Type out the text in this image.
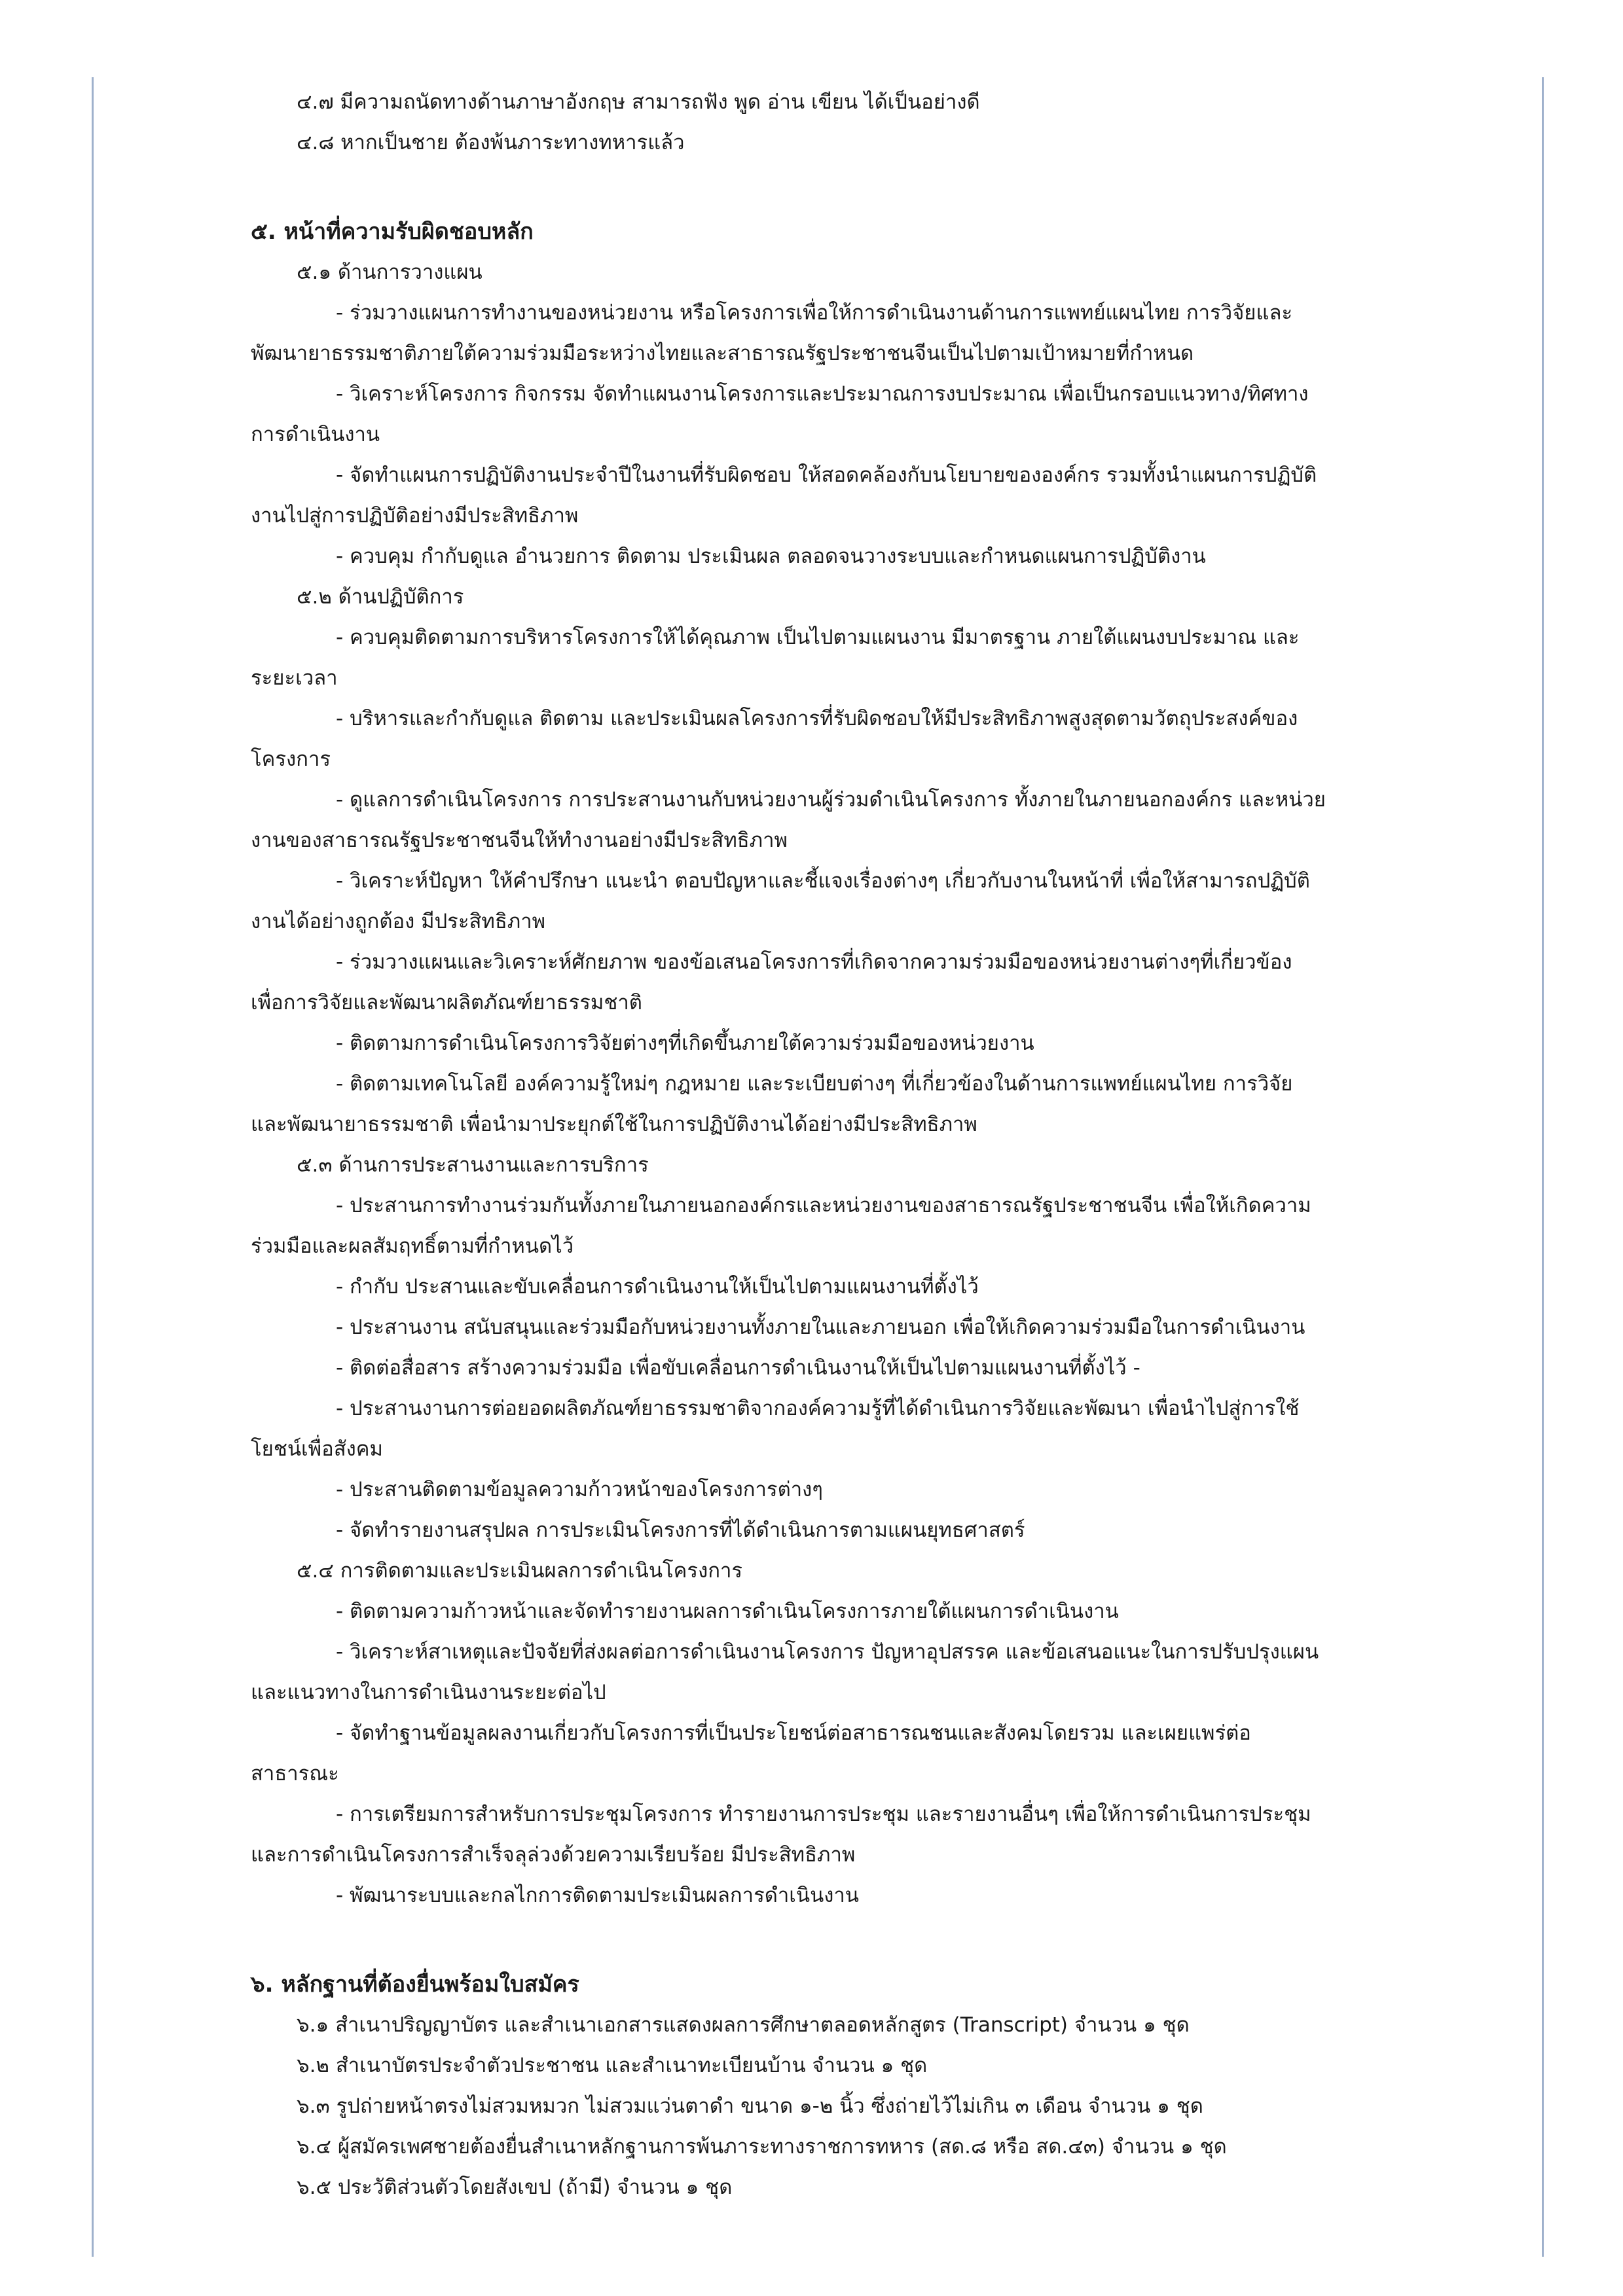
๔.๗ มีความถนัดทางด้านภาษาอังกฤษ สามารถฟัง พูด อ่าน เขียน ได้เป็นอย่างดี
๔.๘ หากเป็นชาย ต้องพ้นภาระทางทหารแล้ว
๕. หน้าที่ความรับผิดชอบหลัก
๕.๑ ด้านการวางแผน
- ร่วมวางแผนการทำงานของหน่วยงาน หรือโครงการเพื่อให้การดำเนินงานด้านการแพทย์แผนไทย การวิจัยและ
พัฒนายาธรรมชาติภายใต้ความร่วมมือระหว่างไทยและสาธารณรัฐประชาชนจีนเป็นไปตามเป้าหมายที่กำหนด
- วิเคราะห์โครงการ กิจกรรม จัดทำแผนงานโครงการและประมาณการงบประมาณ เพื่อเป็นกรอบแนวทาง/ทิศทาง
การดำเนินงาน
- จัดทำแผนการปฏิบัติงานประจำปีในงานที่รับผิดชอบ ให้สอดคล้องกับนโยบายขององค์กร รวมทั้งนำแผนการปฏิบัติ
งานไปสู่การปฏิบัติอย่างมีประสิทธิภาพ
- ควบคุม กำกับดูแล อำนวยการ ติดตาม ประเมินผล ตลอดจนวางระบบและกำหนดแผนการปฏิบัติงาน
๕.๒ ด้านปฏิบัติการ
- ควบคุมติดตามการบริหารโครงการให้ได้คุณภาพ เป็นไปตามแผนงาน มีมาตรฐาน ภายใต้แผนงบประมาณ และ
ระยะเวลา
- บริหารและกำกับดูแล ติดตาม และประเมินผลโครงการที่รับผิดชอบให้มีประสิทธิภาพสูงสุดตามวัตถุประสงค์ของ
โครงการ
- ดูแลการดำเนินโครงการ การประสานงานกับหน่วยงานผู้ร่วมดำเนินโครงการ ทั้งภายในภายนอกองค์กร และหน่วย
งานของสาธารณรัฐประชาชนจีนให้ทำงานอย่างมีประสิทธิภาพ
- วิเคราะห์ปัญหา ให้คำปรึกษา แนะนำ ตอบปัญหาและชี้แจงเรื่องต่างๆ เกี่ยวกับงานในหน้าที่ เพื่อให้สามารถปฏิบัติ
งานได้อย่างถูกต้อง มีประสิทธิภาพ
- ร่วมวางแผนและวิเคราะห์ศักยภาพ ของข้อเสนอโครงการที่เกิดจากความร่วมมือของหน่วยงานต่างๆที่เกี่ยวข้อง
เพื่อการวิจัยและพัฒนาผลิตภัณฑ์ยาธรรมชาติ
- ติดตามการดำเนินโครงการวิจัยต่างๆที่เกิดขึ้นภายใต้ความร่วมมือของหน่วยงาน
- ติดตามเทคโนโลยี องค์ความรู้ใหม่ๆ กฎหมาย และระเบียบต่างๆ ที่เกี่ยวข้องในด้านการแพทย์แผนไทย การวิจัย
และพัฒนายาธรรมชาติ เพื่อนำมาประยุกต์ใช้ในการปฏิบัติงานได้อย่างมีประสิทธิภาพ
๕.๓ ด้านการประสานงานและการบริการ
- ประสานการทำงานร่วมกันทั้งภายในภายนอกองค์กรและหน่วยงานของสาธารณรัฐประชาชนจีน เพื่อให้เกิดความ
ร่วมมือและผลสัมฤทธิ์ตามที่กำหนดไว้
- กำกับ ประสานและขับเคลื่อนการดำเนินงานให้เป็นไปตามแผนงานที่ตั้งไว้
- ประสานงาน สนับสนุนและร่วมมือกับหน่วยงานทั้งภายในและภายนอก เพื่อให้เกิดความร่วมมือในการดำเนินงาน
- ติดต่อสื่อสาร สร้างความร่วมมือ เพื่อขับเคลื่อนการดำเนินงานให้เป็นไปตามแผนงานที่ตั้งไว้ -
- ประสานงานการต่อยอดผลิตภัณฑ์ยาธรรมชาติจากองค์ความรู้ที่ได้ดำเนินการวิจัยและพัฒนา เพื่อนำไปสู่การใช้
โยชน์เพื่อสังคม
- ประสานติดตามข้อมูลความก้าวหน้าของโครงการต่างๆ
- จัดทำรายงานสรุปผล การประเมินโครงการที่ได้ดำเนินการตามแผนยุทธศาสตร์
๕.๔ การติดตามและประเมินผลการดำเนินโครงการ
- ติดตามความก้าวหน้าและจัดทำรายงานผลการดำเนินโครงการภายใต้แผนการดำเนินงาน
- วิเคราะห์สาเหตุและปัจจัยที่ส่งผลต่อการดำเนินงานโครงการ ปัญหาอุปสรรค และข้อเสนอแนะในการปรับปรุงแผน
และแนวทางในการดำเนินงานระยะต่อไป
- จัดทำฐานข้อมูลผลงานเกี่ยวกับโครงการที่เป็นประโยชน์ต่อสาธารณชนและสังคมโดยรวม และเผยแพร่ต่อ
สาธารณะ
- การเตรียมการสำหรับการประชุมโครงการ ทำรายงานการประชุม และรายงานอื่นๆ เพื่อให้การดำเนินการประชุม
และการดำเนินโครงการสำเร็จลุล่วงด้วยความเรียบร้อย มีประสิทธิภาพ
- พัฒนาระบบและกลไกการติดตามประเมินผลการดำเนินงาน
๖. หลักฐานที่ต้องยื่นพร้อมใบสมัคร
๖.๑ สำเนาปริญญาบัตร และสำเนาเอกสารแสดงผลการศึกษาตลอดหลักสูตร (Transcript) จำนวน ๑ ชุด
๖.๒ สำเนาบัตรประจำตัวประชาชน และสำเนาทะเบียนบ้าน จำนวน ๑ ชุด
๖.๓ รูปถ่ายหน้าตรงไม่สวมหมวก ไม่สวมแว่นตาดำ ขนาด ๑-๒ นิ้ว ซึ่งถ่ายไว้ไม่เกิน ๓ เดือน จำนวน ๑ ชุด
๖.๔ ผู้สมัครเพศชายต้องยื่นสำเนาหลักฐานการพ้นภาระทางราชการทหาร (สด.๘ หรือ สด.๔๓) จำนวน ๑ ชุด
๖.๕ ประวัติส่วนตัวโดยสังเขป (ถ้ามี) จำนวน ๑ ชุด
